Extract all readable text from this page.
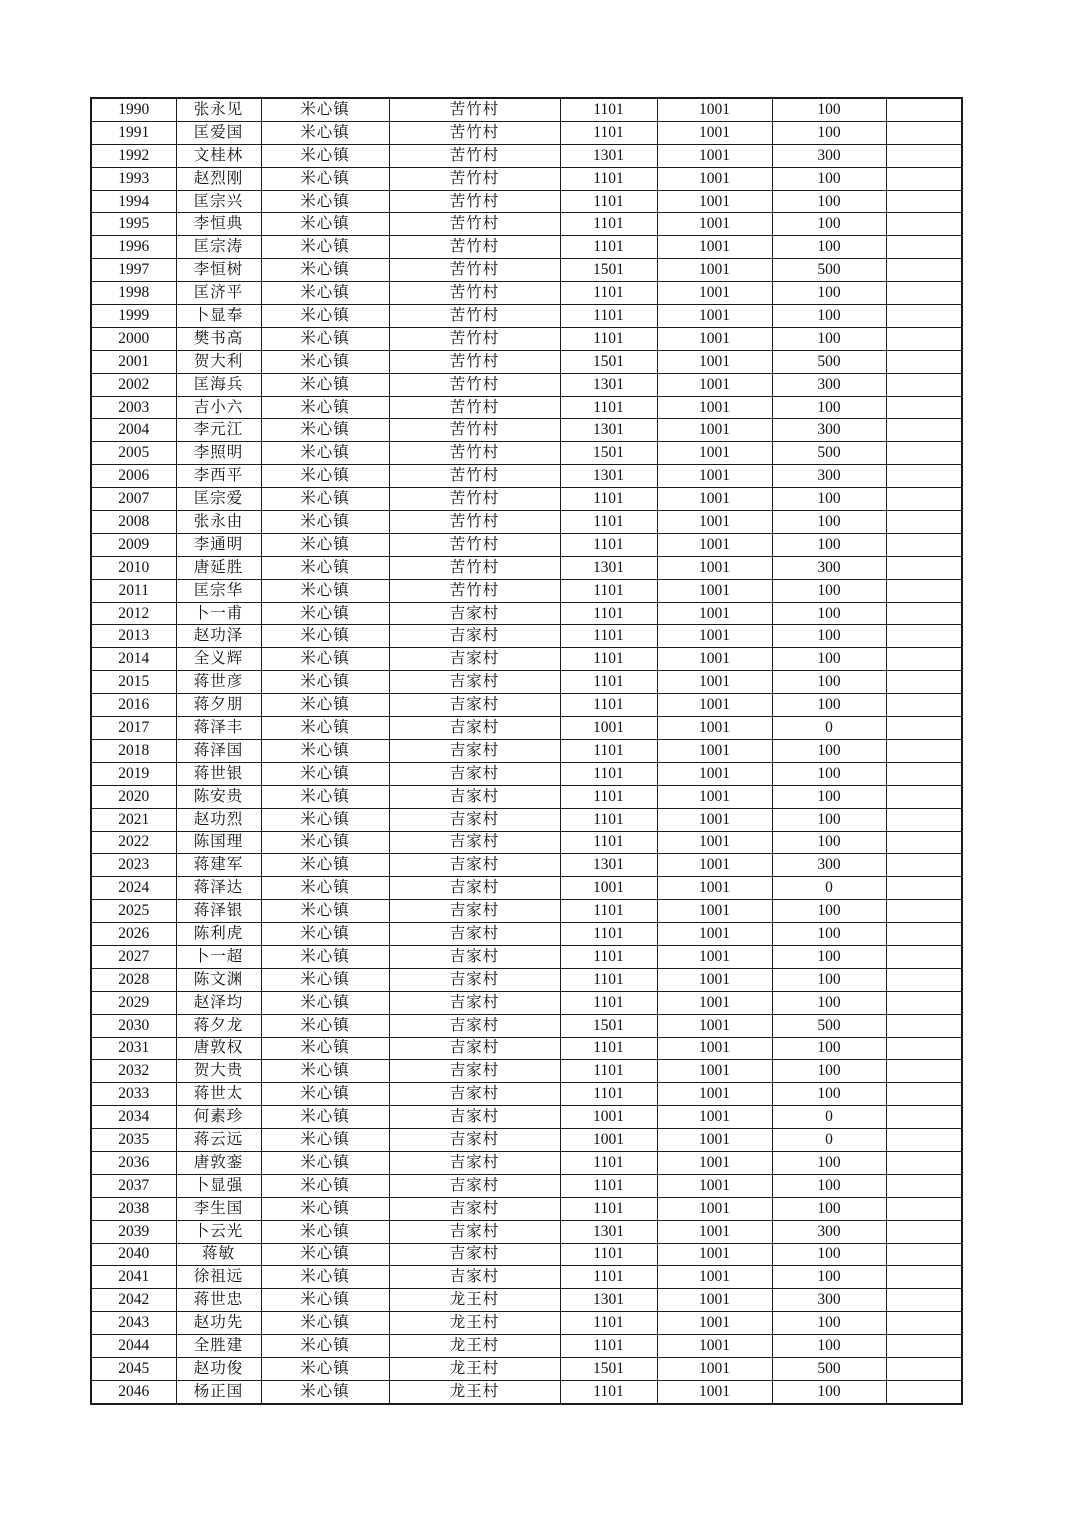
1990	张永见	米心镇	苦竹村	1101	1001	100	
1991	匡爱国	米心镇	苦竹村	1101	1001	100	
1992	文桂林	米心镇	苦竹村	1301	1001	300	
1993	赵烈刚	米心镇	苦竹村	1101	1001	100	
1994	匡宗兴	米心镇	苦竹村	1101	1001	100	
1995	李恒典	米心镇	苦竹村	1101	1001	100	
1996	匡宗涛	米心镇	苦竹村	1101	1001	100	
1997	李恒树	米心镇	苦竹村	1501	1001	500	
1998	匡济平	米心镇	苦竹村	1101	1001	100	
1999	卜显奉	米心镇	苦竹村	1101	1001	100	
2000	樊书高	米心镇	苦竹村	1101	1001	100	
2001	贺大利	米心镇	苦竹村	1501	1001	500	
2002	匡海兵	米心镇	苦竹村	1301	1001	300	
2003	吉小六	米心镇	苦竹村	1101	1001	100	
2004	李元江	米心镇	苦竹村	1301	1001	300	
2005	李照明	米心镇	苦竹村	1501	1001	500	
2006	李西平	米心镇	苦竹村	1301	1001	300	
2007	匡宗爱	米心镇	苦竹村	1101	1001	100	
2008	张永由	米心镇	苦竹村	1101	1001	100	
2009	李通明	米心镇	苦竹村	1101	1001	100	
2010	唐延胜	米心镇	苦竹村	1301	1001	300	
2011	匡宗华	米心镇	苦竹村	1101	1001	100	
2012	卜一甫	米心镇	吉家村	1101	1001	100	
2013	赵功泽	米心镇	吉家村	1101	1001	100	
2014	全义辉	米心镇	吉家村	1101	1001	100	
2015	蒋世彦	米心镇	吉家村	1101	1001	100	
2016	蒋夕朋	米心镇	吉家村	1101	1001	100	
2017	蒋泽丰	米心镇	吉家村	1001	1001	0	
2018	蒋泽国	米心镇	吉家村	1101	1001	100	
2019	蒋世银	米心镇	吉家村	1101	1001	100	
2020	陈安贵	米心镇	吉家村	1101	1001	100	
2021	赵功烈	米心镇	吉家村	1101	1001	100	
2022	陈国理	米心镇	吉家村	1101	1001	100	
2023	蒋建军	米心镇	吉家村	1301	1001	300	
2024	蒋泽达	米心镇	吉家村	1001	1001	0	
2025	蒋泽银	米心镇	吉家村	1101	1001	100	
2026	陈利虎	米心镇	吉家村	1101	1001	100	
2027	卜一超	米心镇	吉家村	1101	1001	100	
2028	陈文渊	米心镇	吉家村	1101	1001	100	
2029	赵泽均	米心镇	吉家村	1101	1001	100	
2030	蒋夕龙	米心镇	吉家村	1501	1001	500	
2031	唐敦权	米心镇	吉家村	1101	1001	100	
2032	贺大贵	米心镇	吉家村	1101	1001	100	
2033	蒋世太	米心镇	吉家村	1101	1001	100	
2034	何素珍	米心镇	吉家村	1001	1001	0	
2035	蒋云远	米心镇	吉家村	1001	1001	0	
2036	唐敦銮	米心镇	吉家村	1101	1001	100	
2037	卜显强	米心镇	吉家村	1101	1001	100	
2038	李生国	米心镇	吉家村	1101	1001	100	
2039	卜云光	米心镇	吉家村	1301	1001	300	
2040	蒋敏	米心镇	吉家村	1101	1001	100	
2041	徐祖远	米心镇	吉家村	1101	1001	100	
2042	蒋世忠	米心镇	龙王村	1301	1001	300	
2043	赵功先	米心镇	龙王村	1101	1001	100	
2044	全胜建	米心镇	龙王村	1101	1001	100	
2045	赵功俊	米心镇	龙王村	1501	1001	500	
2046	杨正国	米心镇	龙王村	1101	1001	100	
